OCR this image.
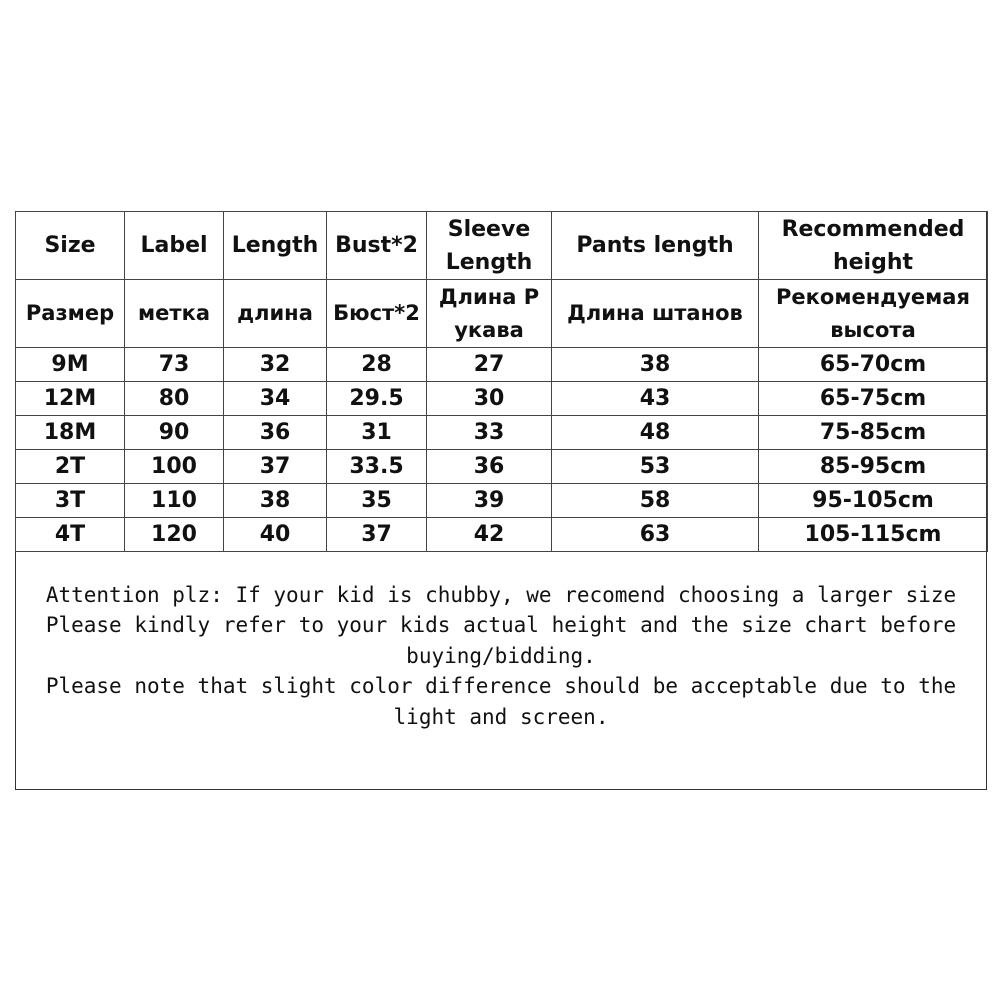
Size	Label	Length	Bust*2	Sleeve Length	Pants length	Recommended height
Размер	метка	длина	Бюст*2	Длина Р укава	Длина штанов	Рекомендуемая высота
9M	73	32	28	27	38	65-70cm
12M	80	34	29.5	30	43	65-75cm
18M	90	36	31	33	48	75-85cm
2T	100	37	33.5	36	53	85-95cm
3T	110	38	35	39	58	95-105cm
4T	120	40	37	42	63	105-115cm

Attention plz: If your kid is chubby, we recomend choosing a larger size

Please kindly refer to your kids actual height and the size chart before buying/bidding.

Please note that slight color difference should be acceptable due to the light and screen.
